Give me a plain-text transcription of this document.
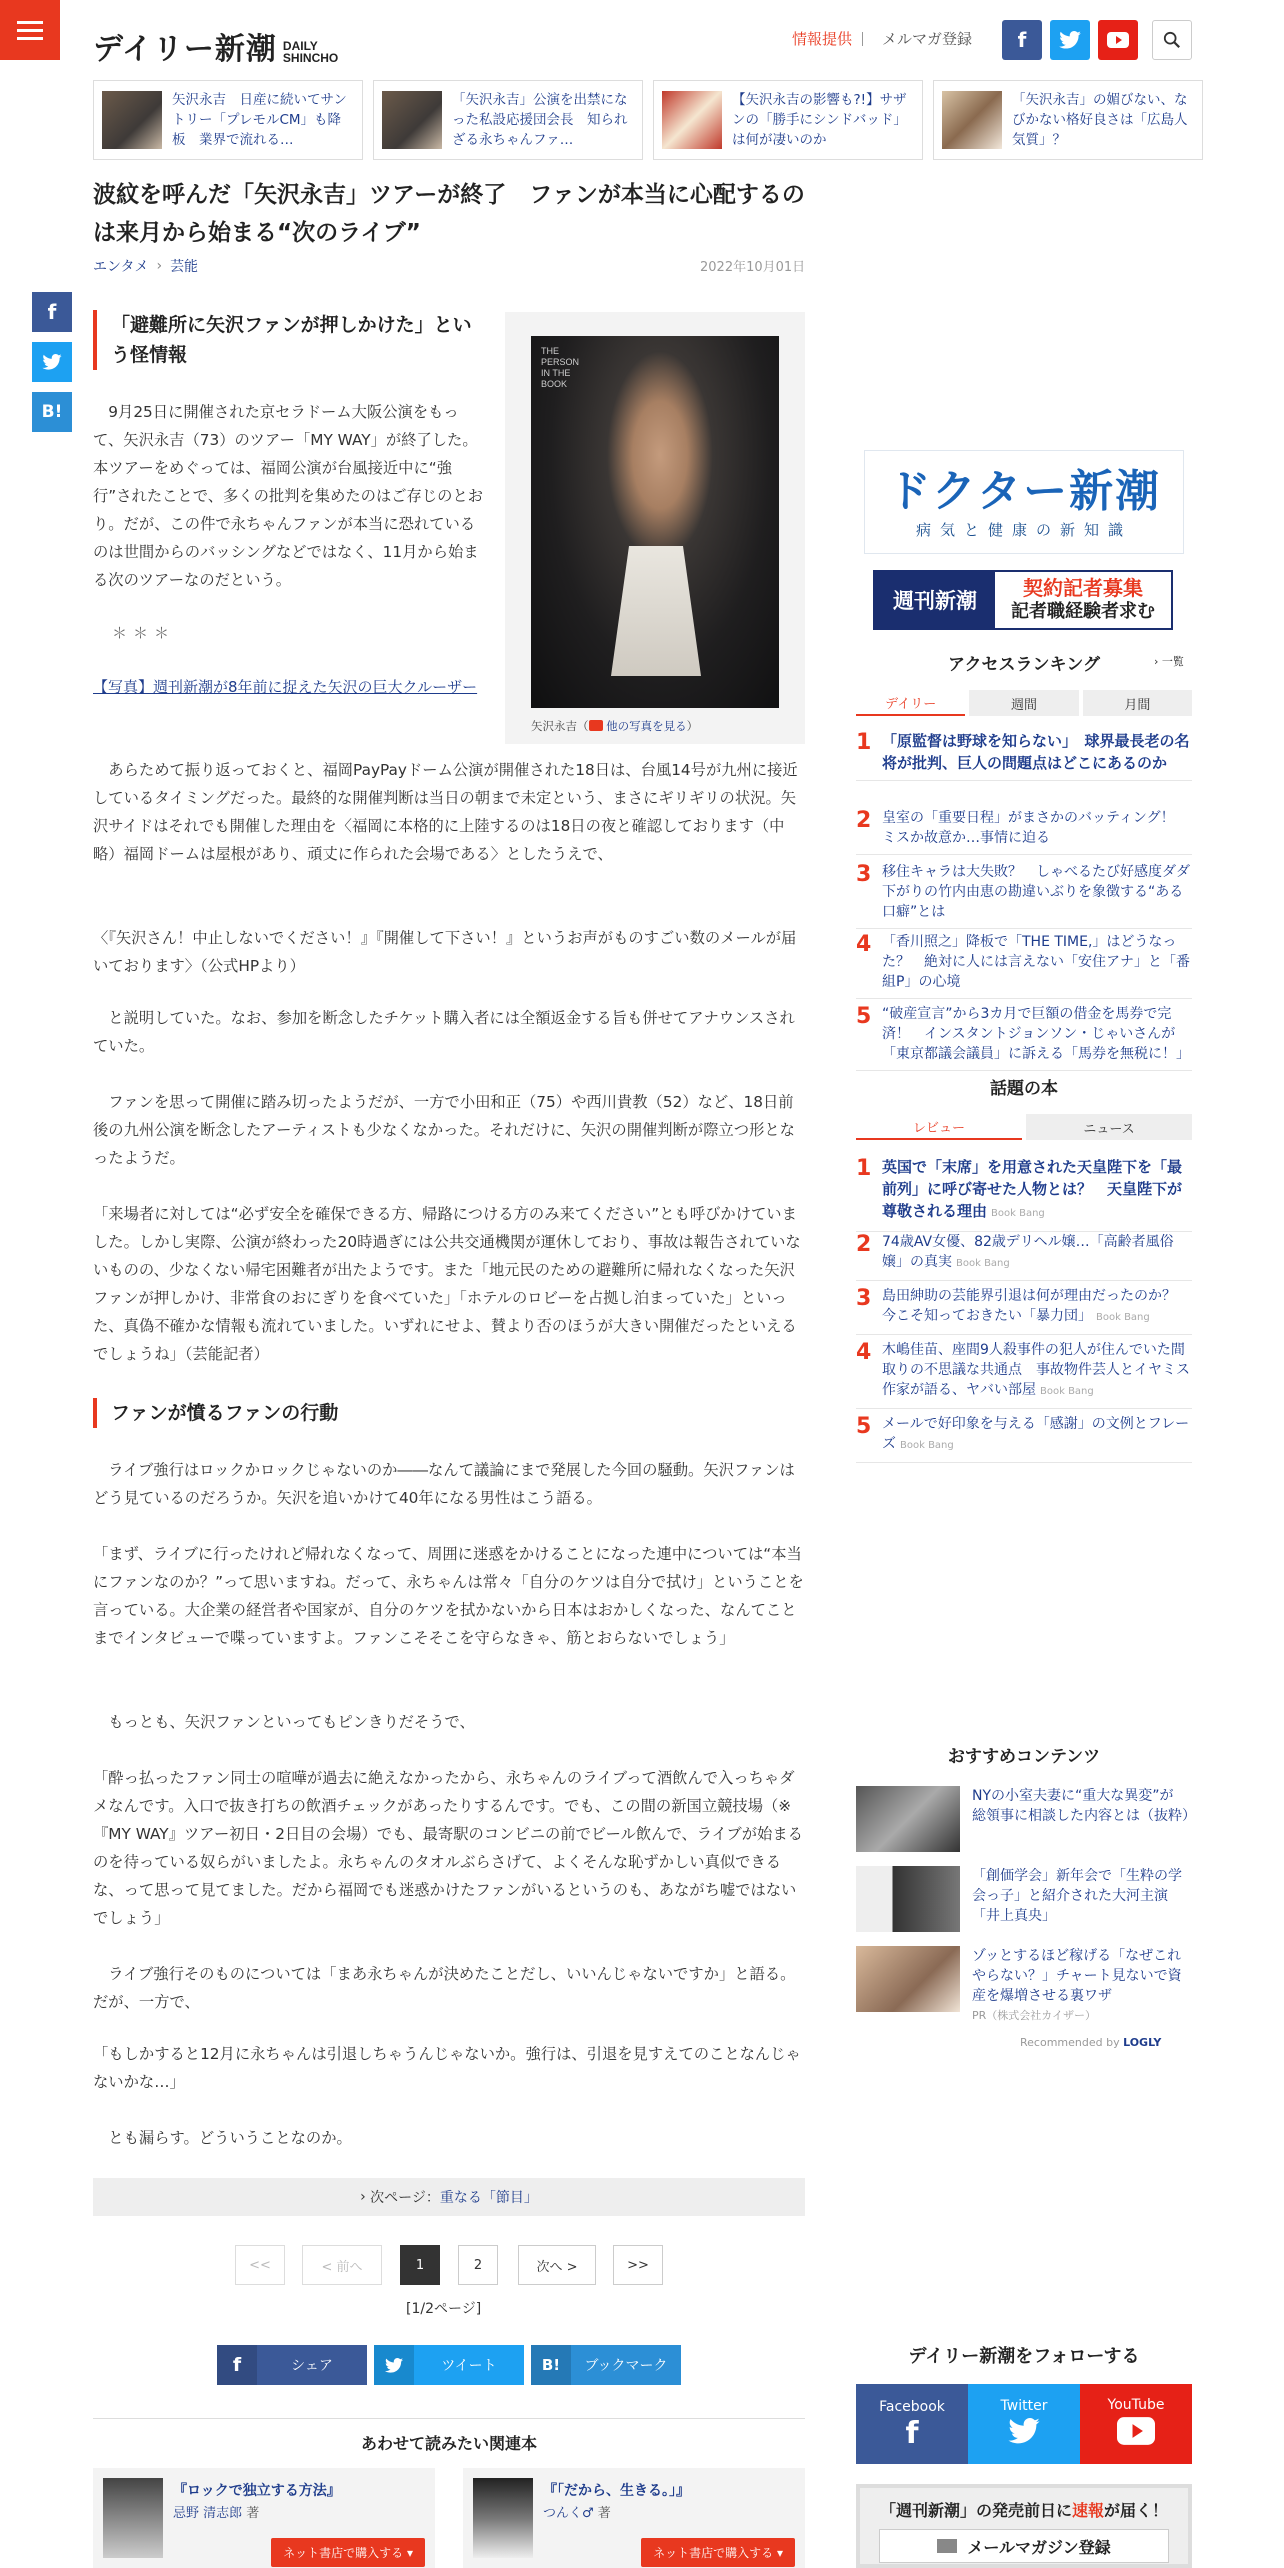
デイリー新潮 DAILY
SHINCHO
情報提供	メルマガ登録	f
矢沢永吉　日産に続いてサントリー「プレモルCM」も降板　業界で流れる…
「矢沢永吉」公演を出禁になった私設応援団会長　知られざる永ちゃんファ…
【矢沢永吉の影響も?!】サザンの「勝手にシンドバッド」は何が凄いのか
「矢沢永吉」の媚びない、なびかない格好良さは「広島人気質」？
波紋を呼んだ「矢沢永吉」ツアーが終了　ファンが本当に心配するのは来月から始まる“次のライブ”
エンタメ › 芸能	2022年10月01日
f
B!
「避難所に矢沢ファンが押しかけた」という怪情報

　9月25日に開催された京セラドーム大阪公演をもって、矢沢永吉（73）のツアー「MY WAY」が終了した。本ツアーをめぐっては、福岡公演が台風接近中に“強行”されたことで、多くの批判を集めたのはご存じのとおり。だが、この件で永ちゃんファンが本当に恐れているのは世間からのバッシングなどではなく、11月から始まる次のツアーなのだという。

THE
PERSON
IN THE BOOK
矢沢永吉（ 他の写真を見る）
＊＊＊
【写真】週刊新潮が8年前に捉えた矢沢の巨大クルーザー

　あらためて振り返っておくと、福岡PayPayドーム公演が開催された18日は、台風14号が九州に接近しているタイミングだった。最終的な開催判断は当日の朝まで未定という、まさにギリギリの状況。矢沢サイドはそれでも開催した理由を〈福岡に本格的に上陸するのは18日の夜と確認しております（中略）福岡ドームは屋根があり、頑丈に作られた会場である〉としたうえで、

〈『矢沢さん！中止しないでください！』『開催して下さい！』というお声がものすごい数のメールが届いております〉（公式HPより）

　と説明していた。なお、参加を断念したチケット購入者には全額返金する旨も併せてアナウンスされていた。

　ファンを思って開催に踏み切ったようだが、一方で小田和正（75）や西川貴教（52）など、18日前後の九州公演を断念したアーティストも少なくなかった。それだけに、矢沢の開催判断が際立つ形となったようだ。

「来場者に対しては“必ず安全を確保できる方、帰路につける方のみ来てください”とも呼びかけていました。しかし実際、公演が終わった20時過ぎには公共交通機関が運休しており、事故は報告されていないものの、少なくない帰宅困難者が出たようです。また「地元民のための避難所に帰れなくなった矢沢ファンが押しかけ、非常食のおにぎりを食べていた」「ホテルのロビーを占拠し泊まっていた」といった、真偽不確かな情報も流れていました。いずれにせよ、賛より否のほうが大きい開催だったといえるでしょうね」（芸能記者）

ファンが憤るファンの行動

　ライブ強行はロックかロックじゃないのか――なんて議論にまで発展した今回の騒動。矢沢ファンはどう見ているのだろうか。矢沢を追いかけて40年になる男性はこう語る。

「まず、ライブに行ったけれど帰れなくなって、周囲に迷惑をかけることになった連中については“本当にファンなのか？”って思いますね。だって、永ちゃんは常々「自分のケツは自分で拭け」ということを言っている。大企業の経営者や国家が、自分のケツを拭かないから日本はおかしくなった、なんてことまでインタビューで喋っていますよ。ファンこそそこを守らなきゃ、筋とおらないでしょう」

　もっとも、矢沢ファンといってもピンきりだそうで、

「酔っ払ったファン同士の喧嘩が過去に絶えなかったから、永ちゃんのライブって酒飲んで入っちゃダメなんです。入口で抜き打ちの飲酒チェックがあったりするんです。でも、この間の新国立競技場（※『MY WAY』ツアー初日・2日目の会場）でも、最寄駅のコンビニの前でビール飲んで、ライブが始まるのを待っている奴らがいましたよ。永ちゃんのタオルぶらさげて、よくそんな恥ずかしい真似できるな、って思って見てました。だから福岡でも迷惑かけたファンがいるというのも、あながち嘘ではないでしょう」

　ライブ強行そのものについては「まあ永ちゃんが決めたことだし、いいんじゃないですか」と語る。だが、一方で、

「もしかすると12月に永ちゃんは引退しちゃうんじゃないか。強行は、引退を見すえてのことなんじゃないかな…」

　とも漏らす。どういうことなのか。

› 次ページ： 重なる「節目」
<<	< 前へ	1	2	次へ >	>>
[1/2ページ]
f	シェア	ツイート	B!	ブックマーク
あわせて読みたい関連本
『ロックで独立する方法』
忌野 清志郎 著
ネット書店で購入する ▾
『「だから、生きる。」』
つんく♂ 著
ネット書店で購入する ▾
ドクター新潮
病気と健康の新知識
週刊新潮
契約記者募集
記者職経験者求む
アクセスランキング	› 一覧
デイリー	週間	月間
1 「原監督は野球を知らない」　球界最長老の名将が批判、巨人の問題点はどこにあるのか
2 皇室の「重要日程」がまさかのバッティング！　ミスか故意か…事情に迫る
3 移住キャラは大失敗？　しゃべるたび好感度ダダ下がりの竹内由恵の勘違いぶりを象徴する“ある口癖”とは
4 「香川照之」降板で「THE TIME,」はどうなった？　絶対に人には言えない「安住アナ」と「番組P」の心境
5 “破産宣言”から3カ月で巨額の借金を馬券で完済！　インスタントジョンソン・じゃいさんが「東京都議会議員」に訴える「馬券を無税に！」
話題の本
レビュー	ニュース
1 英国で「末席」を用意された天皇陛下を「最前列」に呼び寄せた人物とは？　天皇陛下が尊敬される理由 Book Bang
2 74歳AV女優、82歳デリヘル嬢…「高齢者風俗嬢」の真実 Book Bang
3 島田紳助の芸能界引退は何が理由だったのか？　今こそ知っておきたい「暴力団」 Book Bang
4 木嶋佳苗、座間9人殺事件の犯人が住んでいた間取りの不思議な共通点　事故物件芸人とイヤミス作家が語る、ヤバい部屋 Book Bang
5 メールで好印象を与える「感謝」の文例とフレーズ Book Bang
おすすめコンテンツ
NYの小室夫妻に“重大な異変”が　総領事に相談した内容とは（抜粋）
「創価学会」新年会で「生粋の学会っ子」と紹介された大河主演「井上真央」
ゾッとするほど稼げる「なぜこれやらない？」チャート見ないで資産を爆増させる裏ワザ
PR（株式会社カイザー）
Recommended by LOGLY
デイリー新潮をフォローする
Facebook
f
Twitter	YouTube
「週刊新潮」の発売前日に速報が届く！
メールマガジン登録
